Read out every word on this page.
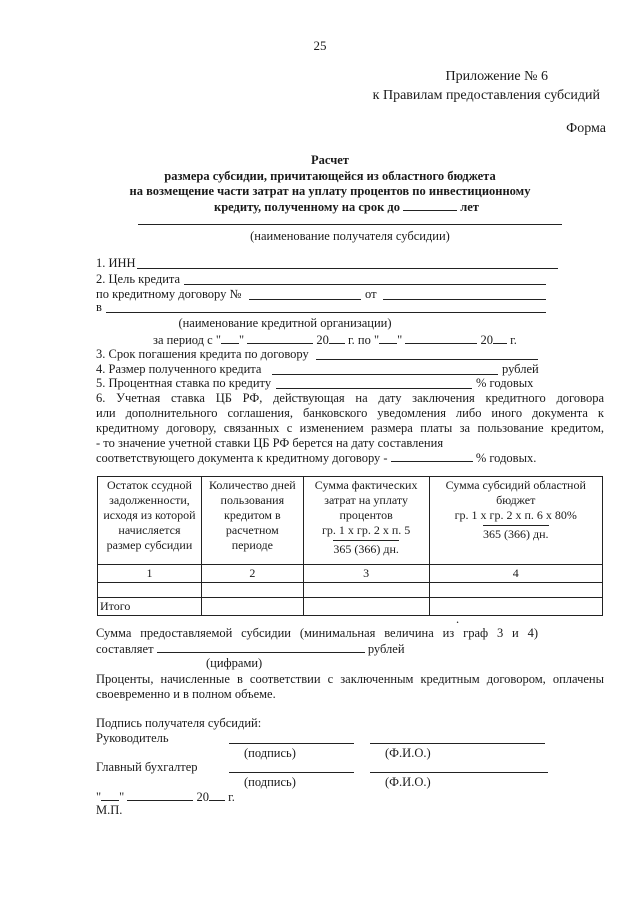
25
Приложение № 6
к Правилам предоставления субсидий
Форма
Расчет
размера субсидии, причитающейся из областного бюджета
на возмещение части затрат на уплату процентов по инвестиционному
кредиту, полученному на срок до	лет
(наименование получателя субсидии)
1. ИНН
2. Цель кредита
по кредитному договору №	от
в
(наименование кредитной организации)
за период с " "	20 г. по " "	20 г.
3. Срок погашения кредита по договору
4. Размер полученного кредита	рублей
5. Процентная ставка по кредиту	% годовых
6. Учетная ставка ЦБ РФ, действующая на дату заключения кредитного договора
или дополнительного соглашения, банковского уведомления либо иного документа к
кредитному договору, связанных с изменением размера платы за пользование кредитом,
- то значение учетной ставки ЦБ РФ берется на дату составления
соответствующего документа к кредитному договору -	% годовых.
Остаток ссудной задолженности, исходя из которой начисляется размер субсидии	Количество дней пользования кредитом в расчетном периоде	Сумма фактических затрат на уплату процентов
гр. 1 х гр. 2 х п. 5
365 (366) дн.	Сумма субсидий областной бюджет
гр. 1 х гр. 2 х п. 6 х 80%
365 (366) дн.
1	2	3	4

Итого			
.
Сумма предоставляемой субсидии (минимальная величина из граф 3 и 4)
составляет	рублей
(цифрами)
Проценты, начисленные в соответствии с заключенным кредитным договором, оплачены
своевременно и в полном объеме.
Подпись получателя субсидий:
Руководитель
(подпись)	(Ф.И.О.)
Главный бухгалтер
(подпись)	(Ф.И.О.)
" "	20 г.
М.П.
